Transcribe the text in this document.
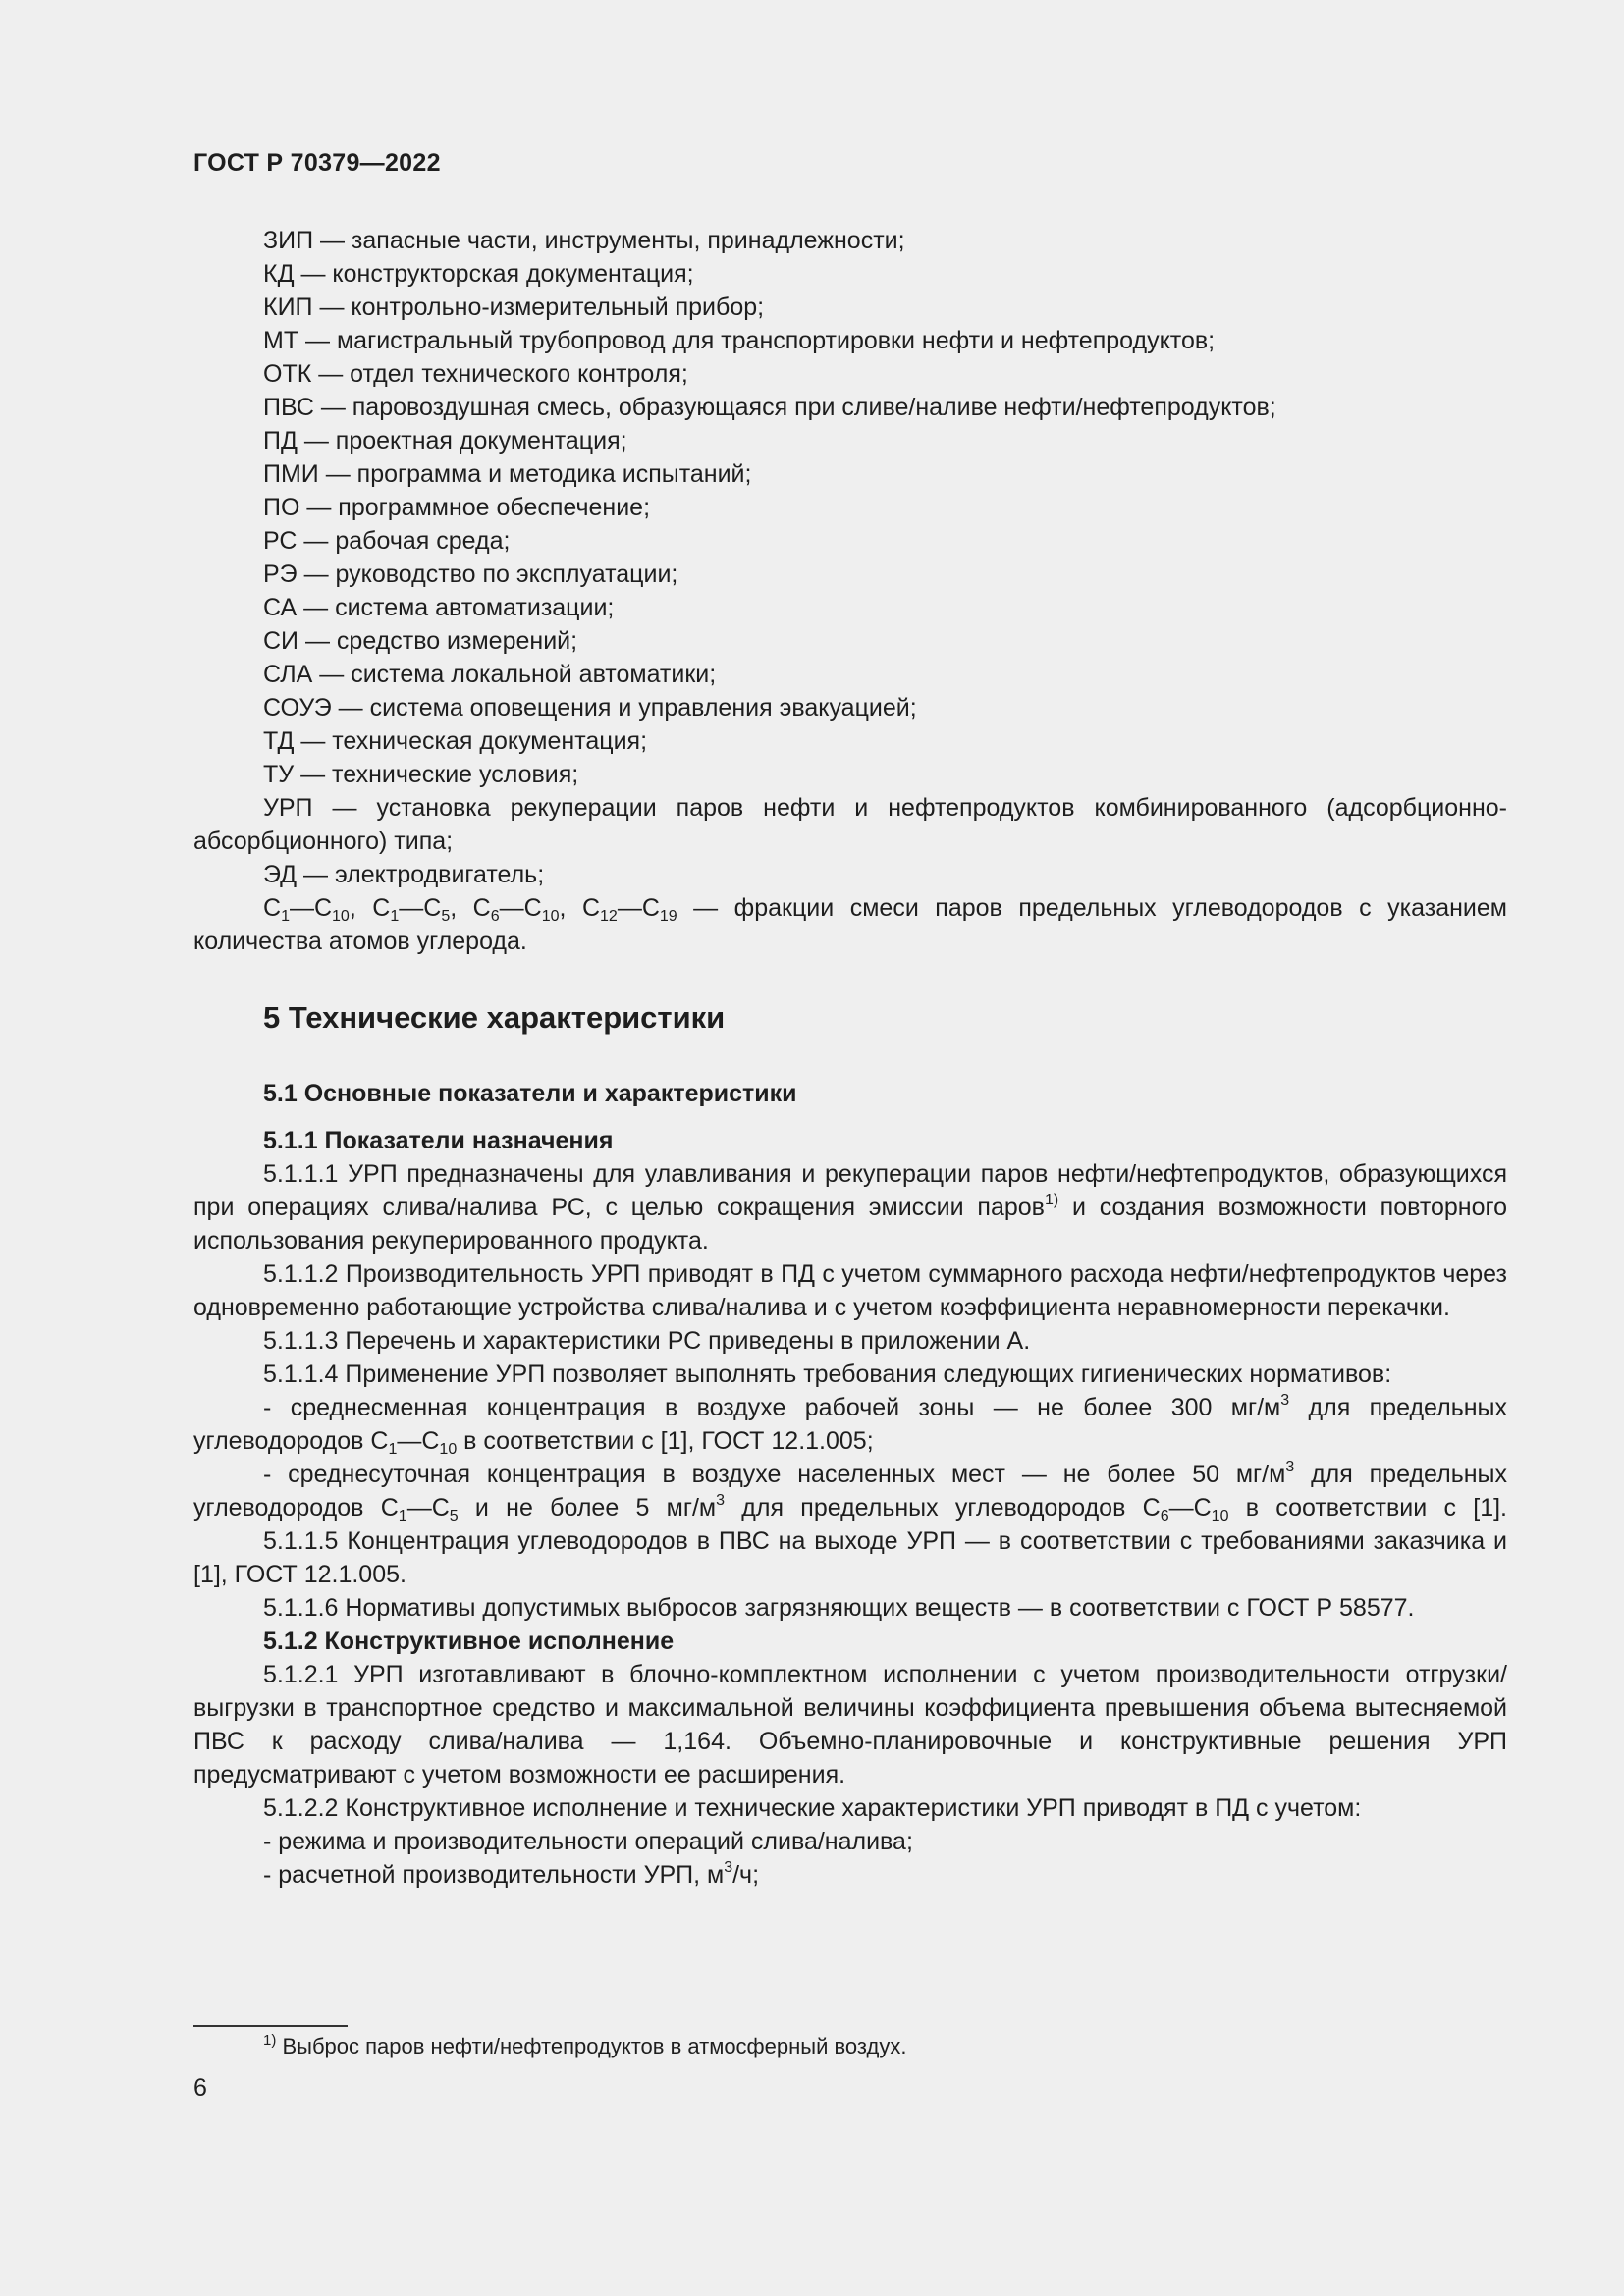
ГОСТ Р 70379—2022

ЗИП — запасные части, инструменты, принадлежности;

КД — конструкторская документация;

КИП — контрольно-измерительный прибор;

МТ — магистральный трубопровод для транспортировки нефти и нефтепродуктов;

ОТК — отдел технического контроля;

ПВС — паровоздушная смесь, образующаяся при сливе/наливе нефти/нефтепродуктов;

ПД — проектная документация;

ПМИ — программа и методика испытаний;

ПО — программное обеспечение;

РС — рабочая среда;

РЭ — руководство по эксплуатации;

СА — система автоматизации;

СИ — средство измерений;

СЛА — система локальной автоматики;

СОУЭ — система оповещения и управления эвакуацией;

ТД — техническая документация;

ТУ — технические условия;

УРП — установка рекуперации паров нефти и нефтепродуктов комбинированного (адсорбционно-абсорбционного) типа;

ЭД — электродвигатель;

$С_1—С_{10}$, $С_1—С_5$, $С_6—С_{10}$, $С_{12}—С_{19}$ — фракции смеси паров предельных углеводородов с указанием количества атомов углерода.

5 Технические характеристики
5.1 Основные показатели и характеристики
5.1.1 Показатели назначения

5.1.1.1 УРП предназначены для улавливания и рекуперации паров нефти/нефтепродуктов, образующихся при операциях слива/налива РС, с целью сокращения эмиссии паров$^{1)}$ и создания возможности повторного использования рекуперированного продукта.

5.1.1.2 Производительность УРП приводят в ПД с учетом суммарного расхода нефти/нефтепродуктов через одновременно работающие устройства слива/налива и с учетом коэффициента неравномерности перекачки.

5.1.1.3 Перечень и характеристики РС приведены в приложении А.

5.1.1.4 Применение УРП позволяет выполнять требования следующих гигиенических нормативов:

- среднесменная концентрация в воздухе рабочей зоны — не более 300 $мг/м^3$ для предельных углеводородов $С_1—С_{10}$ в соответствии с [1], ГОСТ 12.1.005;

- среднесуточная концентрация в воздухе населенных мест — не более 50 $мг/м^3$ для предельных углеводородов $С_1—С_5$ и не более 5 $мг/м^3$ для предельных углеводородов $С_6—С_{10}$ в соответствии с [1].

5.1.1.5 Концентрация углеводородов в ПВС на выходе УРП — в соответствии с требованиями заказчика и [1], ГОСТ 12.1.005.

5.1.1.6 Нормативы допустимых выбросов загрязняющих веществ — в соответствии с ГОСТ Р 58577.

5.1.2 Конструктивное исполнение

5.1.2.1 УРП изготавливают в блочно-комплектном исполнении с учетом производительности отгрузки/выгрузки в транспортное средство и максимальной величины коэффициента превышения объема вытесняемой ПВС к расходу слива/налива — 1,164. Объемно-планировочные и конструктивные решения УРП предусматривают с учетом возможности ее расширения.

5.1.2.2 Конструктивное исполнение и технические характеристики УРП приводят в ПД с учетом:

- режима и производительности операций слива/налива;

- расчетной производительности УРП, $м^3/ч$;

$^{1)}$ Выброс паров нефти/нефтепродуктов в атмосферный воздух.
6
